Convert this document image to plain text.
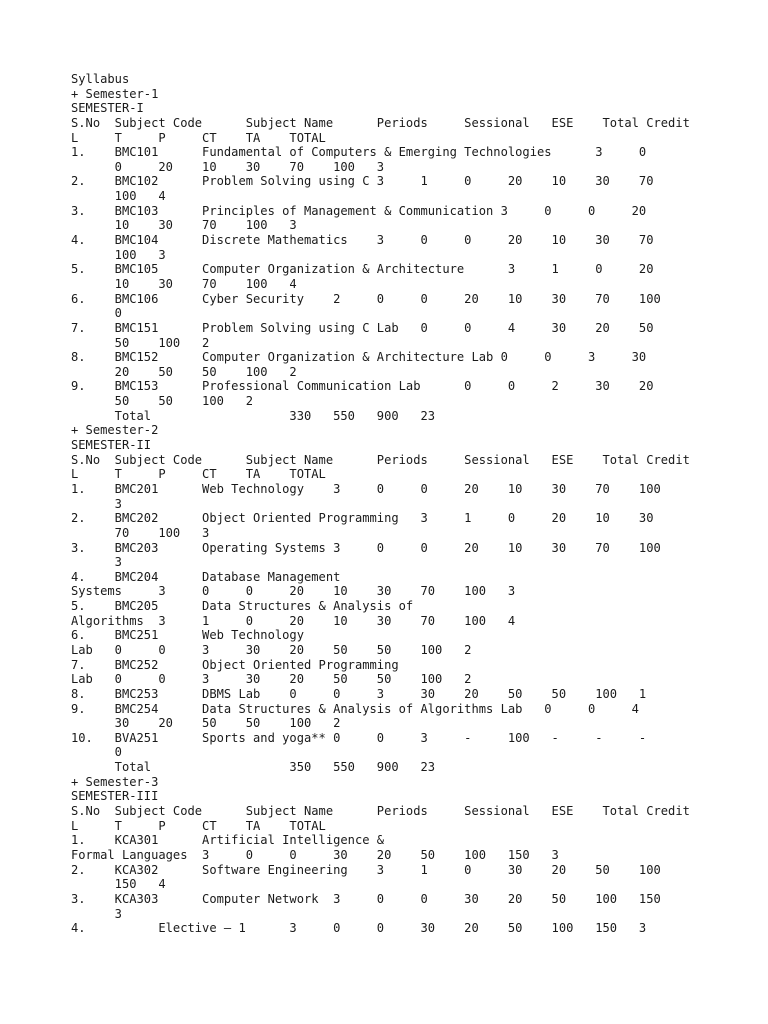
Syllabus
+ Semester-1
SEMESTER-I
S.No  Subject Code      Subject Name      Periods     Sessional   ESE    Total Credit
L     T     P     CT    TA    TOTAL
1.    BMC101      Fundamental of Computers & Emerging Technologies      3     0
0     20    10    30    70    100   3
2.    BMC102      Problem Solving using C 3     1     0     20    10    30    70
100   4
3.    BMC103      Principles of Management & Communication 3     0     0     20
10    30    70    100   3
4.    BMC104      Discrete Mathematics    3     0     0     20    10    30    70
100   3
5.    BMC105      Computer Organization & Architecture      3     1     0     20
10    30    70    100   4
6.    BMC106      Cyber Security    2     0     0     20    10    30    70    100
0
7.    BMC151      Problem Solving using C Lab   0     0     4     30    20    50
50    100   2
8.    BMC152      Computer Organization & Architecture Lab 0     0     3     30
20    50    50    100   2
9.    BMC153      Professional Communication Lab      0     0     2     30    20
50    50    100   2
Total                   330   550   900   23
+ Semester-2
SEMESTER-II
S.No  Subject Code      Subject Name      Periods     Sessional   ESE    Total Credit
L     T     P     CT    TA    TOTAL
1.    BMC201      Web Technology    3     0     0     20    10    30    70    100
3
2.    BMC202      Object Oriented Programming   3     1     0     20    10    30
70    100   3
3.    BMC203      Operating Systems 3     0     0     20    10    30    70    100
3
4.    BMC204      Database Management
Systems     3     0     0     20    10    30    70    100   3
5.    BMC205      Data Structures & Analysis of
Algorithms  3     1     0     20    10    30    70    100   4
6.    BMC251      Web Technology
Lab   0     0     3     30    20    50    50    100   2
7.    BMC252      Object Oriented Programming
Lab   0     0     3     30    20    50    50    100   2
8.    BMC253      DBMS Lab    0     0     3     30    20    50    50    100   1
9.    BMC254      Data Structures & Analysis of Algorithms Lab   0     0     4
30    20    50    50    100   2
10.   BVA251      Sports and yoga** 0     0     3     -     100   -     -     -
0
Total                   350   550   900   23
+ Semester-3
SEMESTER-III
S.No  Subject Code      Subject Name      Periods     Sessional   ESE    Total Credit
L     T     P     CT    TA    TOTAL
1.    KCA301      Artificial Intelligence &
Formal Languages  3     0     0     30    20    50    100   150   3
2.    KCA302      Software Engineering    3     1     0     30    20    50    100
150   4
3.    KCA303      Computer Network  3     0     0     30    20    50    100   150
3
4.          Elective – 1      3     0     0     30    20    50    100   150   3
